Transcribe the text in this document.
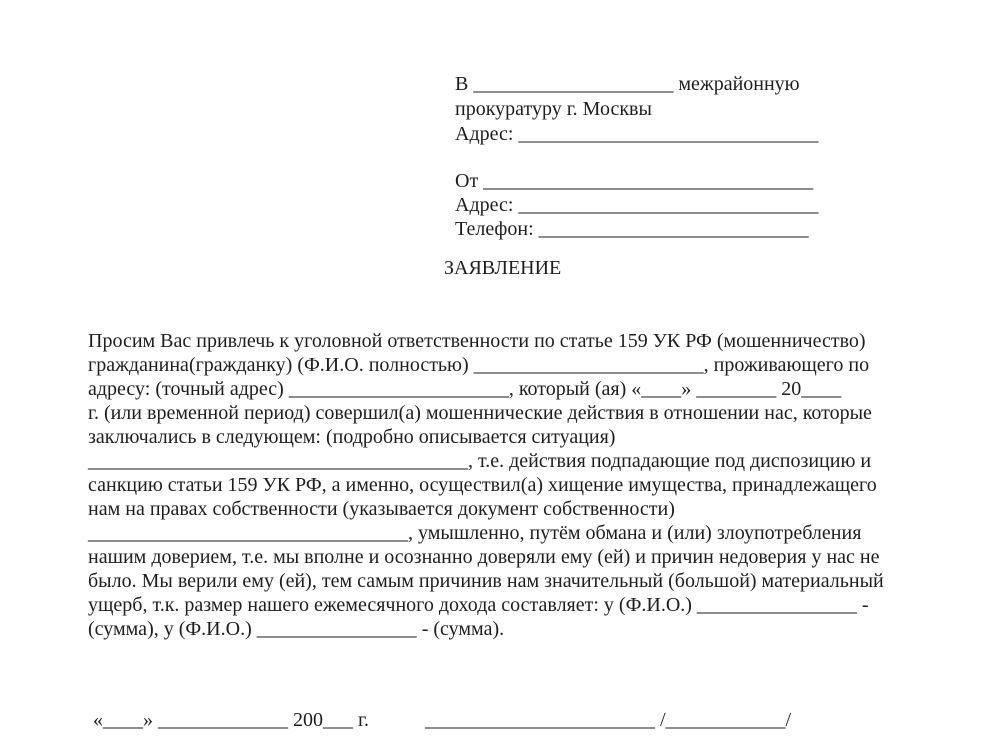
В ____________________ межрайонную
прокуратуру г. Москвы
Адрес: ______________________________
От _________________________________
Адрес: ______________________________
Телефон: ___________________________
ЗАЯВЛЕНИЕ
Просим Вас привлечь к уголовной ответственности по статье 159 УК РФ (мошенничество)
гражданина(гражданку) (Ф.И.О. полностью) _______________________, проживающего по
адресу: (точный адрес) ______________________, который (ая) «____» ________ 20____
г. (или временной период) совершил(а) мошеннические действия в отношении нас, которые
заключались в следующем: (подробно описывается ситуация)
______________________________________, т.е. действия подпадающие под диспозицию и
санкцию статьи 159 УК РФ, а именно, осуществил(а) хищение имущества, принадлежащего
нам на правах собственности (указывается документ собственности)
________________________________, умышленно, путём обмана и (или) злоупотребления
нашим доверием, т.е. мы вполне и осознанно доверяли ему (ей) и причин недоверия у нас не
было. Мы верили ему (ей), тем самым причинив нам значительный (большой) материальный
ущерб, т.к. размер нашего ежемесячного дохода составляет: у (Ф.И.О.) ________________ -
(сумма), у (Ф.И.О.) ________________ - (сумма).
«____» _____________ 200___ г.	_______________________ /____________/
